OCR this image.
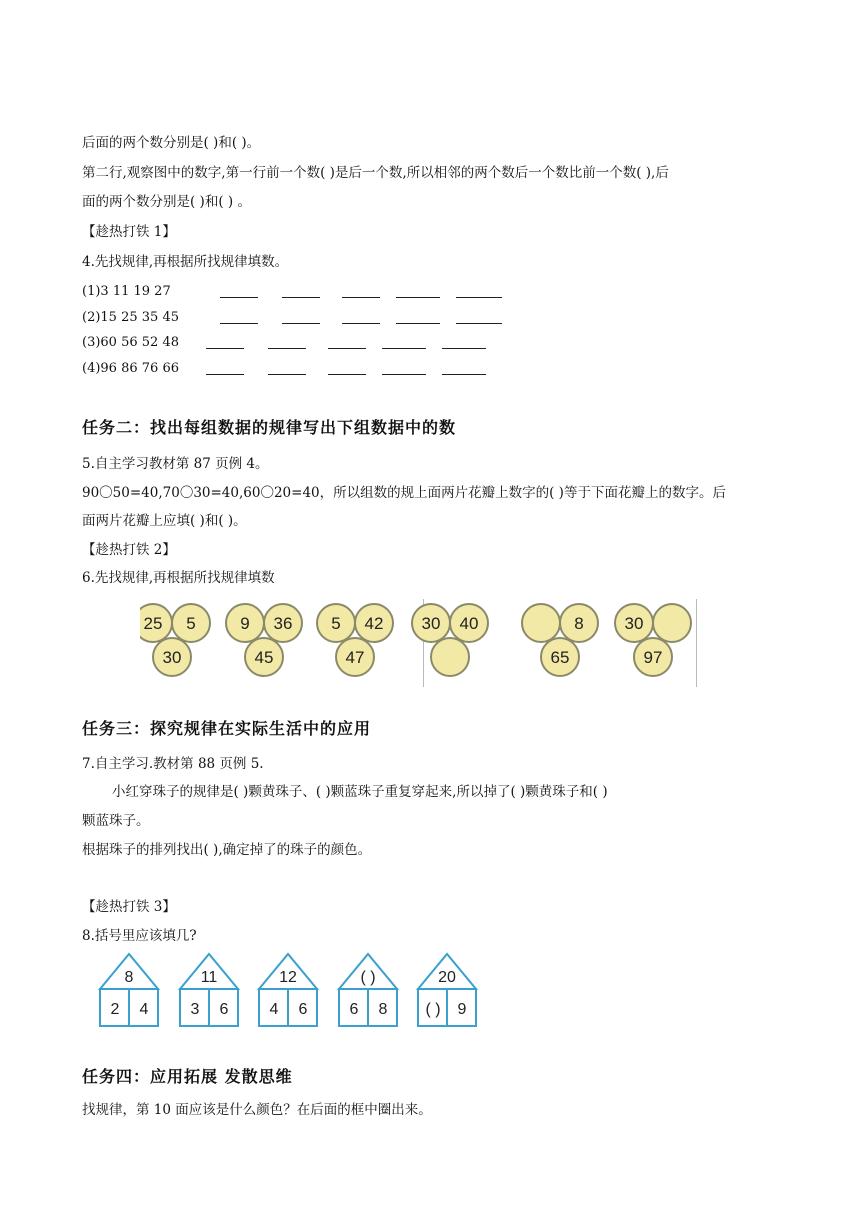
后面的两个数分别是( )和( )。
第二行,观察图中的数字,第一行前一个数( )是后一个数,所以相邻的两个数后一个数比前一个数( ),后
面的两个数分别是( )和( ) 。
【趁热打铁 1】
4.先找规律,再根据所找规律填数。
(1)3 11 19 27
(2)15 25 35 45
(3)60 56 52 48
(4)96 86 76 66
任务二：找出每组数据的规律写出下组数据中的数
5.自主学习教材第 87 页例 4。
90〇50=40,70〇30=40,60〇20=40，所以组数的规上面两片花瓣上数字的( )等于下面花瓣上的数字。后
面两片花瓣上应填( )和( )。
【趁热打铁 2】
6.先找规律,再根据所找规律填数
25 5
30
9 36
45
5 42
47
30 40	8
65
30
97
任务三：探究规律在实际生活中的应用
7.自主学习.教材第 88 页例 5.
小红穿珠子的规律是( )颗黄珠子、( )颗蓝珠子重复穿起来,所以掉了( )颗黄珠子和( )
颗蓝珠子。
根据珠子的排列找出( ),确定掉了的珠子的颜色。
【趁热打铁 3】
8.括号里应该填几?
8
2 4
11
3 6
12
4 6
( )
6 8
20
( ) 9
任务四：应用拓展 发散思维
找规律，第 10 面应该是什么颜色？在后面的框中圈出来。
